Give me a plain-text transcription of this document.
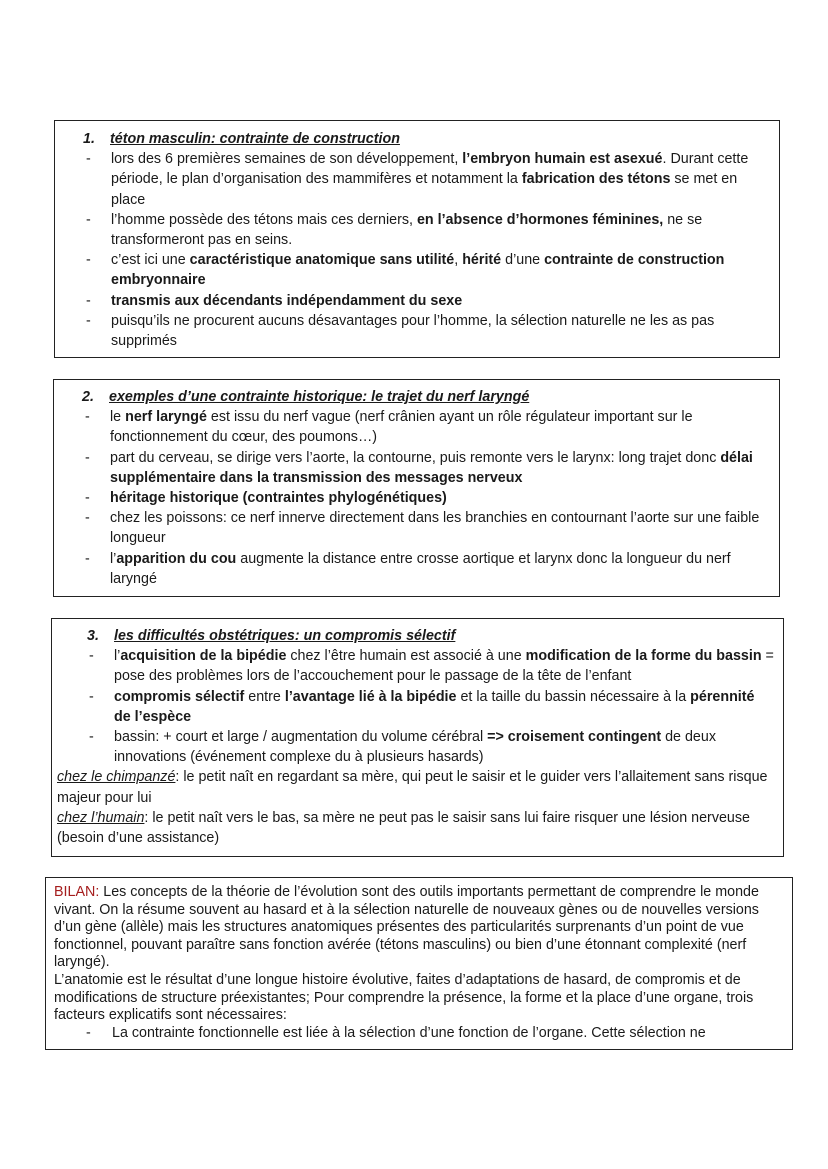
1. téton masculin: contrainte de construction
- lors des 6 premières semaines de son développement, l’embryon humain est asexué. Durant cette période, le plan d’organisation des mammifères et notamment la fabrication des tétons se met en place
- l’homme possède des tétons mais ces derniers, en l’absence d’hormones féminines, ne se transformeront pas en seins.
- c’est ici une caractéristique anatomique sans utilité, hérité d’une contrainte de construction embryonnaire
- transmis aux décendants indépendamment du sexe
- puisqu’ils ne procurent aucuns désavantages pour l’homme, la sélection naturelle ne les as pas supprimés
2. exemples d’une contrainte historique: le trajet du nerf laryngé
- le nerf laryngé est issu du nerf vague (nerf crânien ayant un rôle régulateur important sur le fonctionnement du cœur, des poumons…)
- part du cerveau, se dirige vers l’aorte, la contourne, puis remonte vers le larynx: long trajet donc délai supplémentaire dans la transmission des messages nerveux
- héritage historique (contraintes phylogénétiques)
- chez les poissons: ce nerf innerve directement dans les branchies en contournant l’aorte sur une faible longueur
- l’apparition du cou augmente la distance entre crosse aortique et larynx donc la longueur du nerf laryngé
3. les difficultés obstétriques: un compromis sélectif
- l’acquisition de la bipédie chez l’être humain est associé à une modification de la forme du bassin = pose des problèmes lors de l’accouchement pour le passage de la tête de l’enfant
- compromis sélectif entre l’avantage lié à la bipédie et la taille du bassin nécessaire à la pérennité de l’espèce
- bassin: + court et large / augmentation du volume cérébral => croisement contingent de deux innovations (événement complexe du à plusieurs hasards)
chez le chimpanzé: le petit naît en regardant sa mère, qui peut le saisir et le guider vers l’allaitement sans risque majeur pour lui
chez l’humain: le petit naît vers le bas, sa mère ne peut pas le saisir sans lui faire risquer une lésion nerveuse (besoin d’une assistance)
BILAN: Les concepts de la théorie de l’évolution sont des outils importants permettant de comprendre le monde vivant. On la résume souvent au hasard et à la sélection naturelle de nouveaux gènes ou de nouvelles versions d’un gène (allèle) mais les structures anatomiques présentes des particularités surprenants d’un point de vue fonctionnel, pouvant paraître sans fonction avérée (tétons masculins) ou bien d’une étonnant complexité (nerf laryngé).
L’anatomie est le résultat d’une longue histoire évolutive, faites d’adaptations de hasard, de compromis et de modifications de structure préexistantes; Pour comprendre la présence, la forme et la place d’une organe, trois facteurs explicatifs sont nécessaires:
- La contrainte fonctionnelle est liée à la sélection d’une fonction de l’organe. Cette sélection ne
